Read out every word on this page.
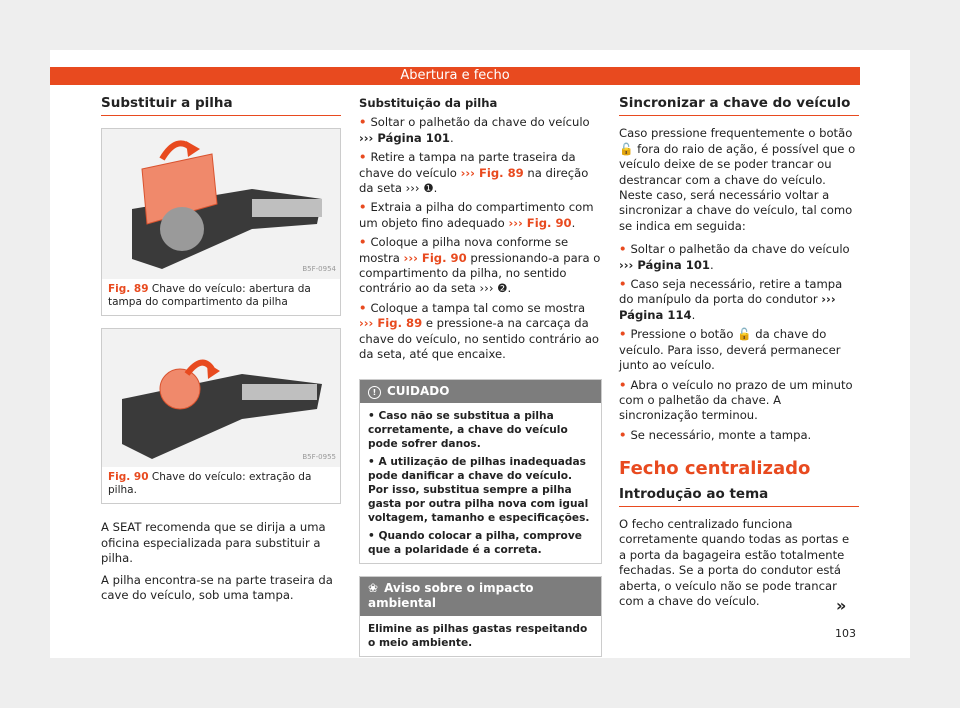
Abertura e fecho
Substituir a pilha
B5F-0954
Fig. 89 Chave do veículo: abertura da tampa do compartimento da pilha
B5F-0955
Fig. 90 Chave do veículo: extração da pilha.

A SEAT recomenda que se dirija a uma oficina especializada para substituir a pilha.

A pilha encontra-se na parte traseira da cave do veículo, sob uma tampa.

Substituição da pilha

• Soltar o palhetão da chave do veículo ››› Página 101.

• Retire a tampa na parte traseira da chave do veículo ››› Fig. 89 na direção da seta ››› ❶.

• Extraia a pilha do compartimento com um objeto fino adequado ››› Fig. 90.

• Coloque a pilha nova conforme se mostra ››› Fig. 90 pressionando-a para o compartimento da pilha, no sentido contrário ao da seta ››› ❷.

• Coloque a tampa tal como se mostra ››› Fig. 89 e pressione-a na carcaça da chave do veículo, no sentido contrário ao da seta, até que encaixe.

! CUIDADO

• Caso não se substitua a pilha corretamente, a chave do veículo pode sofrer danos.

• A utilização de pilhas inadequadas pode danificar a chave do veículo. Por isso, substitua sempre a pilha gasta por outra pilha nova com igual voltagem, tamanho e especificações.

• Quando colocar a pilha, comprove que a polaridade é a correta.

❀ Aviso sobre o impacto ambiental
Elimine as pilhas gastas respeitando o meio ambiente.
Sincronizar a chave do veículo

Caso pressione frequentemente o botão 🔓 fora do raio de ação, é possível que o veículo deixe de se poder trancar ou destrancar com a chave do veículo. Neste caso, será necessário voltar a sincronizar a chave do veículo, tal como se indica em seguida:

• Soltar o palhetão da chave do veículo ››› Página 101.

• Caso seja necessário, retire a tampa do manípulo da porta do condutor ››› Página 114.

• Pressione o botão 🔓 da chave do veículo. Para isso, deverá permanecer junto ao veículo.

• Abra o veículo no prazo de um minuto com o palhetão da chave. A sincronização terminou.

• Se necessário, monte a tampa.

Fecho centralizado
Introdução ao tema

O fecho centralizado funciona corretamente quando todas as portas e a porta da bagageira estão totalmente fechadas. Se a porta do condutor está aberta, o veículo não se pode trancar com a chave do veículo.	»
103
